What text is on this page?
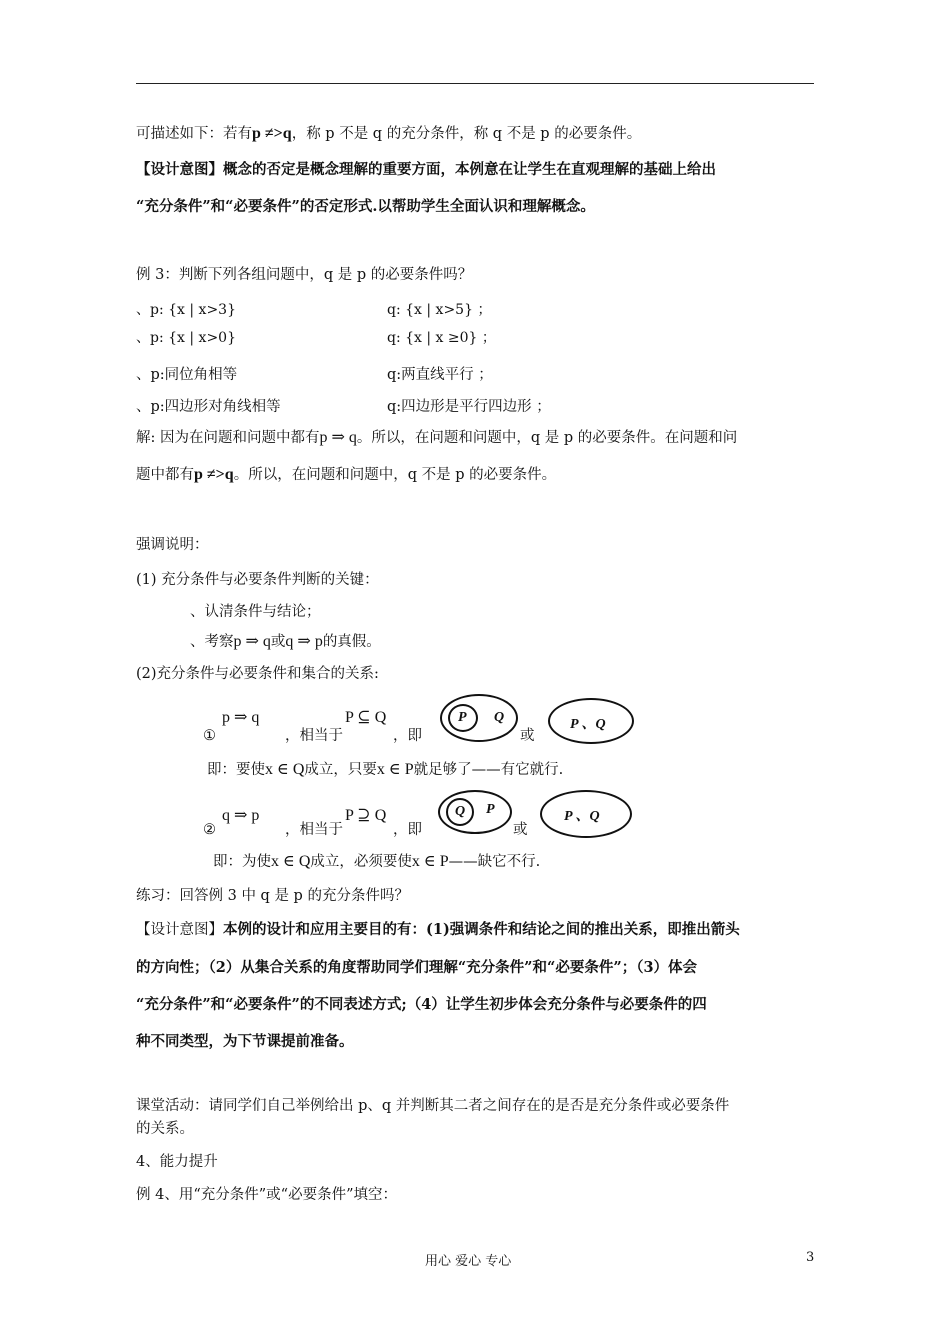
可描述如下：若有p ≠>q，称 p 不是 q 的充分条件，称 q 不是 p 的必要条件。
【设计意图】概念的否定是概念理解的重要方面，本例意在让学生在直观理解的基础上给出
“充分条件”和“必要条件”的否定形式.以帮助学生全面认识和理解概念。
例 3：判断下列各组问题中，q 是 p 的必要条件吗？
、p: {x | x>3}	q: {x | x>5} ；
、p: {x | x>0}	q: {x | x ≥0} ；
、p:同位角相等	q:两直线平行 ；
、p:四边形对角线相等	q:四边形是平行四边形 ；
解: 因为在问题和问题中都有p ⇒ q。所以，在问题和问题中，q 是 p 的必要条件。在问题和问
题中都有p ≠>q。所以，在问题和问题中，q 不是 p 的必要条件。
强调说明：
(1) 充分条件与必要条件判断的关键：
、认清条件与结论；
、考察p ⇒ q或q ⇒ p的真假。
(2)充分条件与必要条件和集合的关系:
p ⇒ q	P ⊆ Q
①	，相当于	，即	或
P Q	P 、Q
即：要使x ∈ Q成立，只要x ∈ P就足够了——有它就行.
q ⇒ p	P ⊇ Q
②	，相当于	，即	或
Q P	P 、Q
即：为使x ∈ Q成立，必须要使x ∈ P——缺它不行.
练习：回答例 3 中 q 是 p 的充分条件吗？
【设计意图】本例的设计和应用主要目的有：(1)强调条件和结论之间的推出关系，即推出箭头
的方向性；（2）从集合关系的角度帮助同学们理解“充分条件”和“必要条件”；（3）体会
“充分条件”和“必要条件”的不同表述方式;（4）让学生初步体会充分条件与必要条件的四
种不同类型，为下节课提前准备。
课堂活动：请同学们自己举例给出 p、q 并判断其二者之间存在的是否是充分条件或必要条件
的关系。
4、能力提升
例 4、用“充分条件”或“必要条件”填空：
用心 爱心 专心	3
